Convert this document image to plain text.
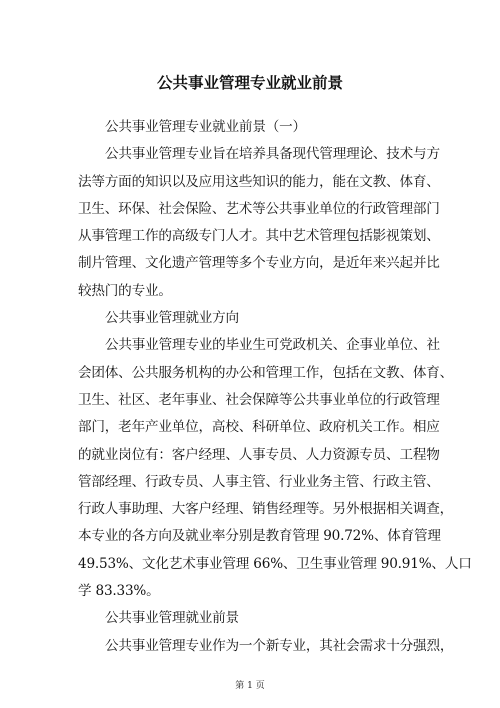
公共事业管理专业就业前景
公共事业管理专业就业前景（一）
公共事业管理专业旨在培养具备现代管理理论、技术与方
法等方面的知识以及应用这些知识的能力，能在文教、体育、
卫生、环保、社会保险、艺术等公共事业单位的行政管理部门
从事管理工作的高级专门人才。其中艺术管理包括影视策划、
制片管理、文化遗产管理等多个专业方向，是近年来兴起并比
较热门的专业。
公共事业管理就业方向
公共事业管理专业的毕业生可党政机关、企事业单位、社
会团体、公共服务机构的办公和管理工作，包括在文教、体育、
卫生、社区、老年事业、社会保障等公共事业单位的行政管理
部门，老年产业单位，高校、科研单位、政府机关工作。相应
的就业岗位有：客户经理、人事专员、人力资源专员、工程物
管部经理、行政专员、人事主管、行业业务主管、行政主管、
行政人事助理、大客户经理、销售经理等。另外根据相关调查，
本专业的各方向及就业率分别是教育管理 90.72%、体育管理
49.53%、文化艺术事业管理 66%、卫生事业管理 90.91%、人口
学 83.33%。
公共事业管理就业前景
公共事业管理专业作为一个新专业，其社会需求十分强烈，
第 1 页
